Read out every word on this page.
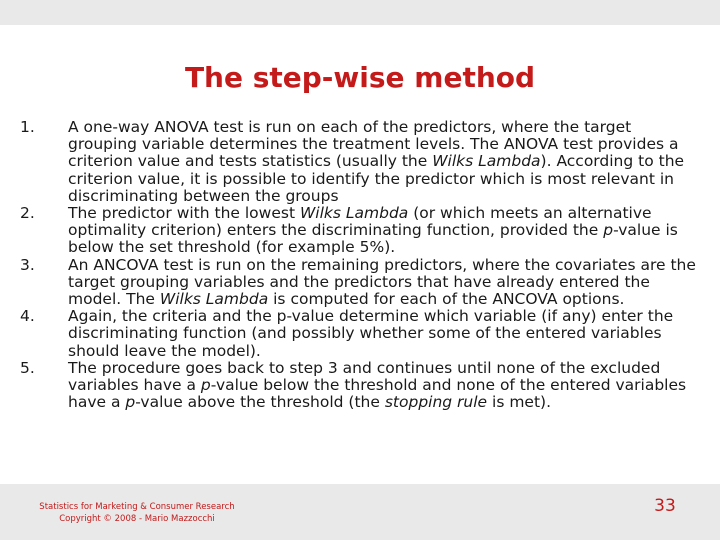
The step-wise method
1.	A one-way ANOVA test is run on each of the predictors, where the target grouping variable determines the treatment levels. The ANOVA test provides a criterion value and tests statistics (usually the Wilks Lambda). According to the criterion value, it is possible to identify the predictor which is most relevant in discriminating between the groups
2.	The predictor with the lowest Wilks Lambda (or which meets an alternative optimality criterion) enters the discriminating function, provided the p-value is below the set threshold (for example 5%).
3.	An ANCOVA test is run on the remaining predictors, where the covariates are the target grouping variables and the predictors that have already entered the model. The Wilks Lambda is computed for each of the ANCOVA options.
4.	Again, the criteria and the p-value determine which variable (if any) enter the discriminating function (and possibly whether some of the entered variables should leave the model).
5.	The procedure goes back to step 3 and continues until none of the excluded variables have a p-value below the threshold and none of the entered variables have a p-value above the threshold (the stopping rule is met).
Statistics for Marketing & Consumer Research
Copyright © 2008 - Mario Mazzocchi
33
